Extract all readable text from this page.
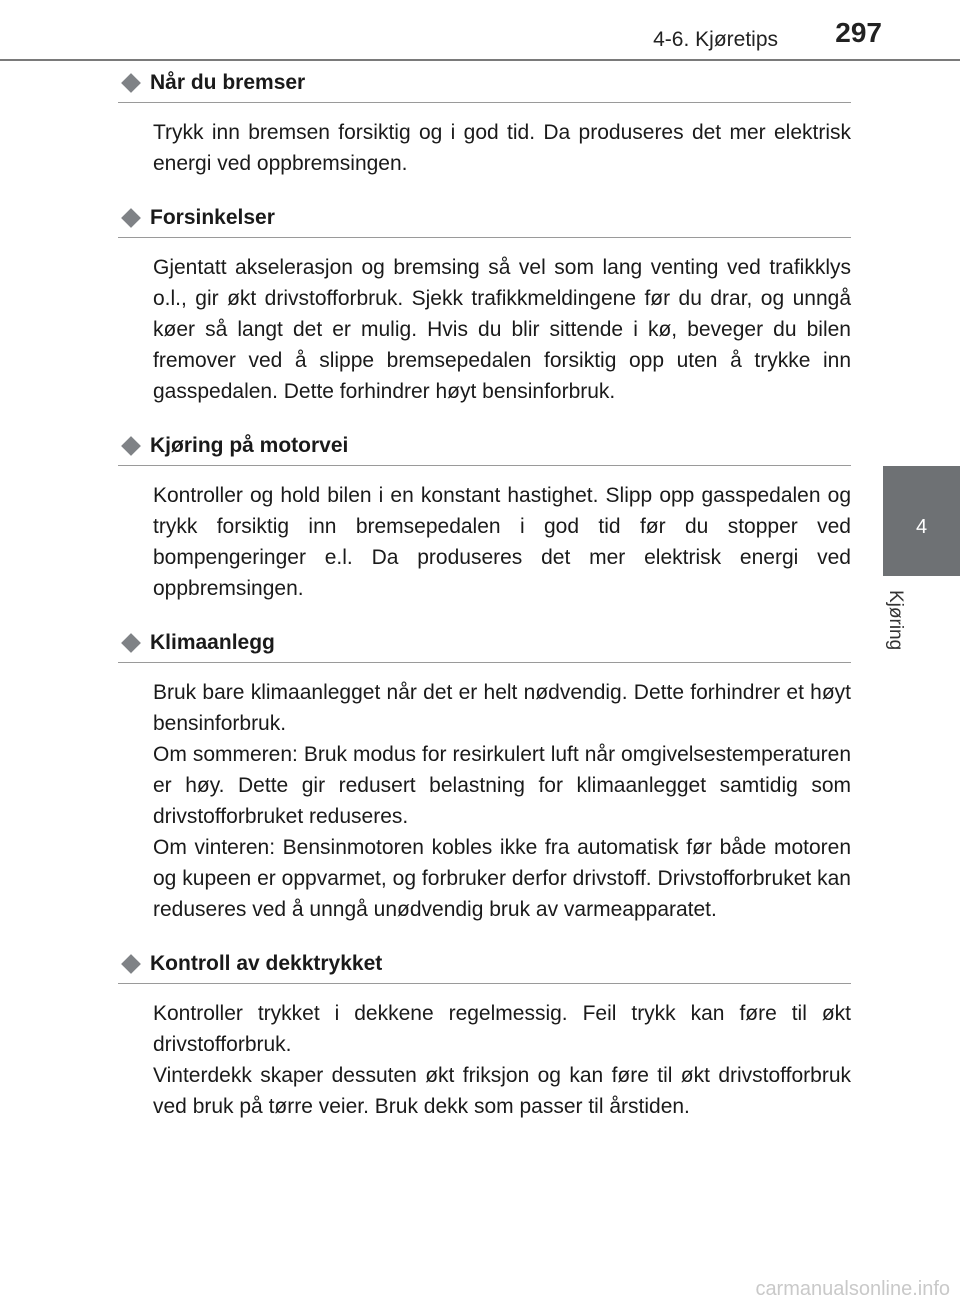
4-6. Kjøretips 297
4
Kjøring
Når du bremser

Trykk inn bremsen forsiktig og i god tid. Da produseres det mer elektrisk energi ved oppbremsingen.

Forsinkelser

Gjentatt akselerasjon og bremsing så vel som lang venting ved trafikklys o.l., gir økt drivstofforbruk. Sjekk trafikkmeldingene før du drar, og unngå køer så langt det er mulig. Hvis du blir sittende i kø, beveger du bilen fremover ved å slippe bremsepedalen forsiktig opp uten å trykke inn gasspedalen. Dette forhindrer høyt bensinforbruk.

Kjøring på motorvei

Kontroller og hold bilen i en konstant hastighet. Slipp opp gasspedalen og trykk forsiktig inn bremsepedalen i god tid før du stopper ved bompengeringer e.l. Da produseres det mer elektrisk energi ved oppbremsingen.

Klimaanlegg

Bruk bare klimaanlegget når det er helt nødvendig. Dette forhindrer et høyt bensinforbruk.

Om sommeren: Bruk modus for resirkulert luft når omgivelsestemperaturen er høy. Dette gir redusert belastning for klimaanlegget samtidig som drivstofforbruket reduseres.

Om vinteren: Bensinmotoren kobles ikke fra automatisk før både motoren og kupeen er oppvarmet, og forbruker derfor drivstoff. Drivstofforbruket kan reduseres ved å unngå unødvendig bruk av varmeapparatet.

Kontroll av dekktrykket

Kontroller trykket i dekkene regelmessig. Feil trykk kan føre til økt drivstofforbruk.

Vinterdekk skaper dessuten økt friksjon og kan føre til økt drivstofforbruk ved bruk på tørre veier. Bruk dekk som passer til årstiden.

carmanualsonline.info
